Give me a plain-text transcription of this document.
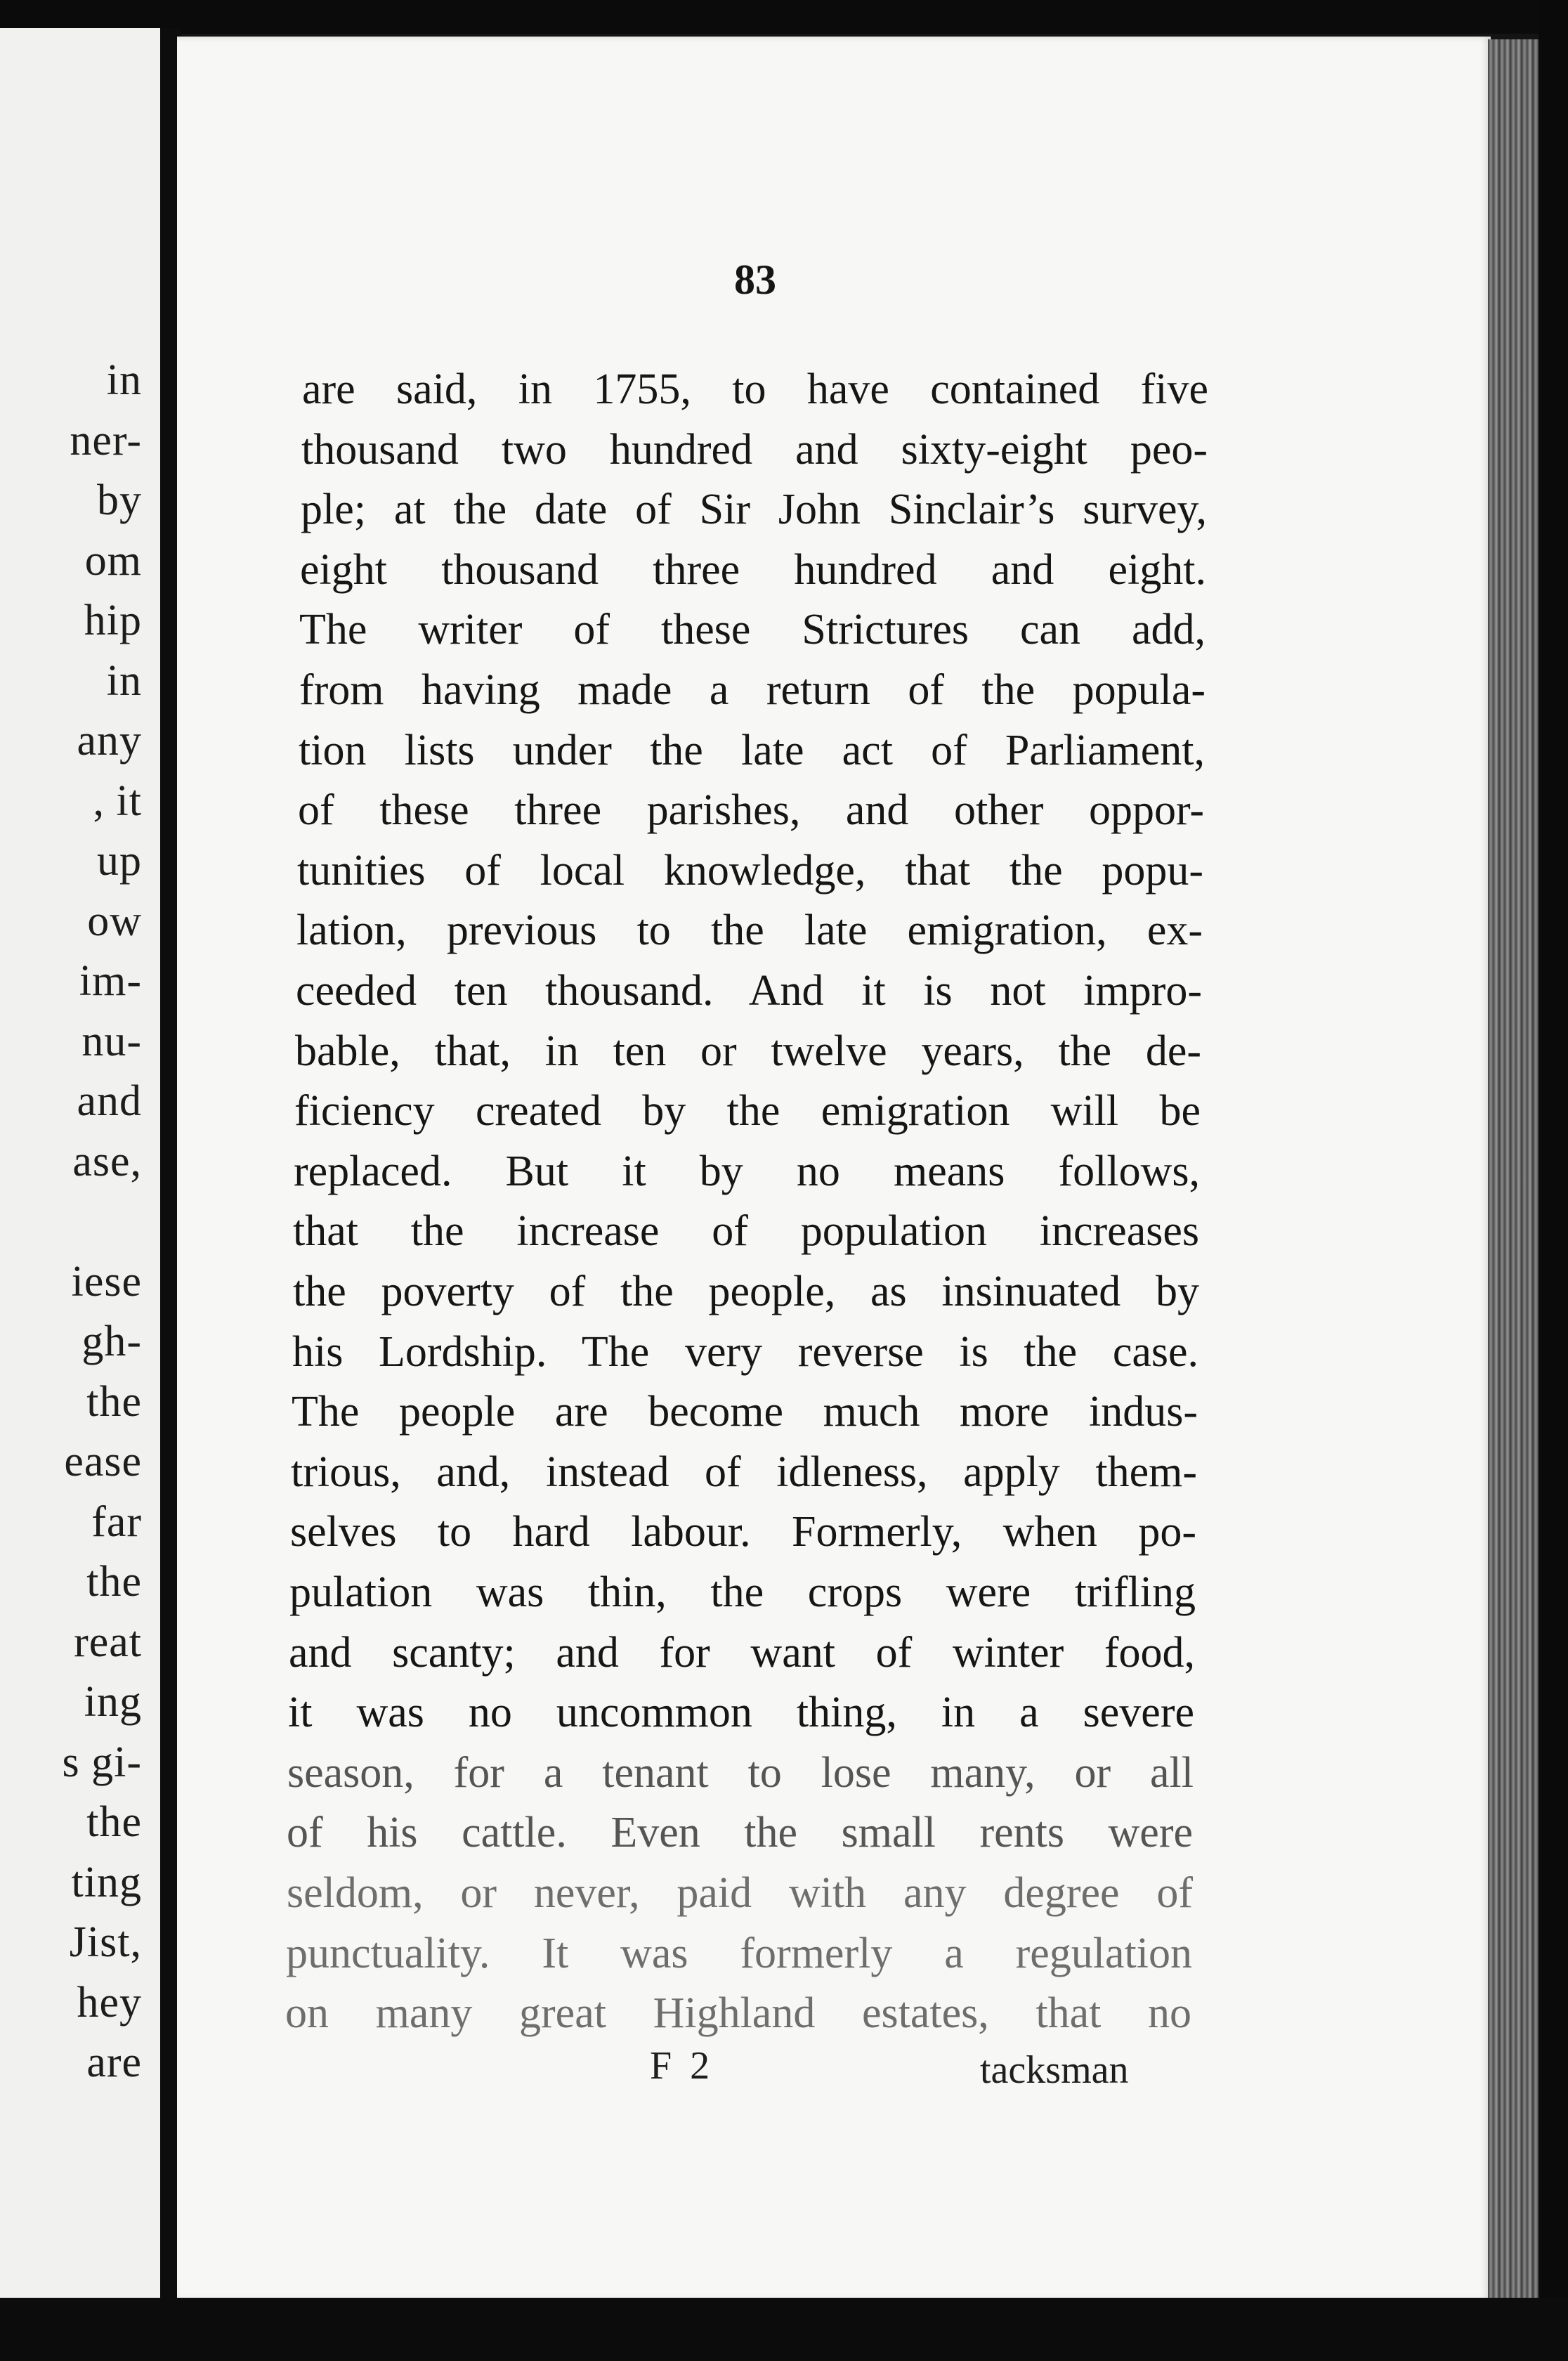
in
ner-
by
om
hip
in
any
, it
up
ow
im-
nu-
and
ase,
iese
gh-
the
ease
far
the
reat
ing
s gi-
the
ting
Jist,
hey
are
83
are said, in 1755, to have contained five
thousand two hundred and sixty-eight peo-
ple; at the date of Sir John Sinclair’s survey,
eight thousand three hundred and eight.
The writer of these Strictures can add,
from having made a return of the popula-
tion lists under the late act of Parliament,
of these three parishes, and other oppor-
tunities of local knowledge, that the popu-
lation, previous to the late emigration, ex-
ceeded ten thousand. And it is not impro-
bable, that, in ten or twelve years, the de-
ficiency created by the emigration will be
replaced. But it by no means follows,
that the increase of population increases
the poverty of the people, as insinuated by
his Lordship. The very reverse is the case.
The people are become much more indus-
trious, and, instead of idleness, apply them-
selves to hard labour. Formerly, when po-
pulation was thin, the crops were trifling
and scanty; and for want of winter food,
it was no uncommon thing, in a severe
season, for a tenant to lose many, or all
of his cattle. Even the small rents were
seldom, or never, paid with any degree of
punctuality. It was formerly a regulation
on many great Highland estates, that no
F 2	tacksman
